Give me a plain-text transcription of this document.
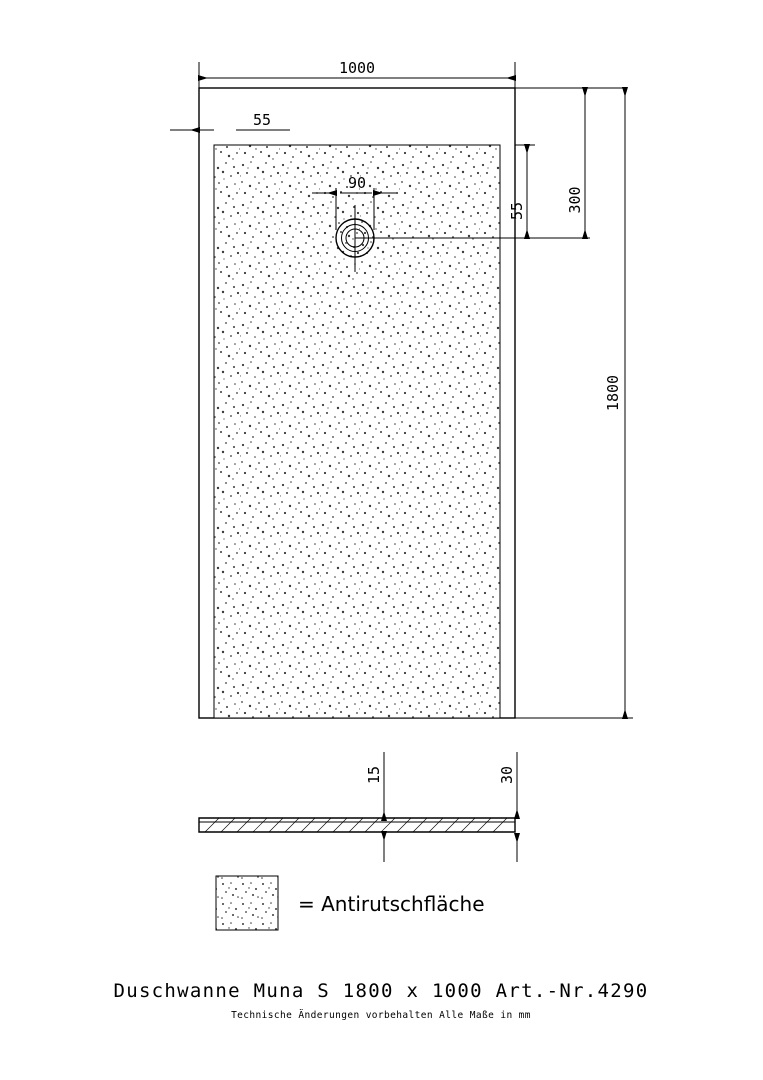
1000
55
90
55	300
1800
15	30
= Antirutschfläche
Duschwanne Muna S 1800 x 1000 Art.-Nr.4290
Technische Änderungen vorbehalten Alle Maße in mm
